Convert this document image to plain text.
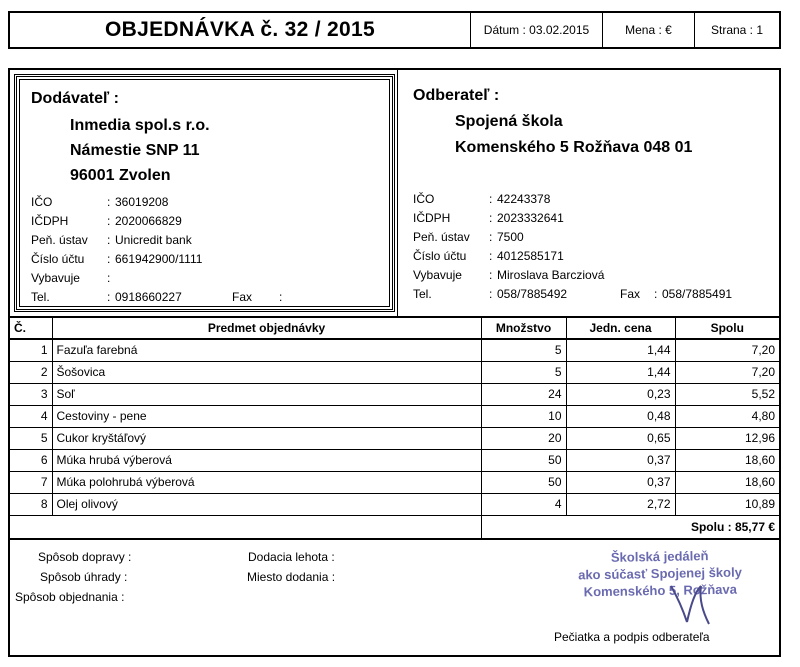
OBJEDNÁVKA č. 32 / 2015	Dátum : 03.02.2015	Mena : €	Strana : 1
Dodávateľ :
Inmedia spol.s r.o.
Námestie SNP 11
96001 Zvolen
IČO	: 36019208
IČDPH	: 2020066829
Peň. ústav	: Unicredit bank
Číslo účtu	: 661942900/1111
Vybavuje	:
Tel.	: 0918660227	Fax	:
Odberateľ :
Spojená škola
Komenského 5 Rožňava 048 01
IČO	: 42243378
IČDPH	: 2023332641
Peň. ústav	: 7500
Číslo účtu	: 4012585171
Vybavuje	: Miroslava Barcziová
Tel.	: 058/7885492	Fax	: 058/7885491
Č.	Predmet objednávky	Množstvo	Jedn. cena	Spolu
1	Fazuľa farebná	5	1,44	7,20
2	Šošovica	5	1,44	7,20
3	Soľ	24	0,23	5,52
4	Cestoviny - pene	10	0,48	4,80
5	Cukor kryštáľový	20	0,65	12,96
6	Múka hrubá výberová	50	0,37	18,60
7	Múka polohrubá výberová	50	0,37	18,60
8	Olej olivový	4	2,72	10,89
		Spolu : 85,77 €		
Spôsob dopravy :
Spôsob úhrady :
Spôsob objednania :
Dodacia lehota :
Miesto dodania :
Školská jedáleň
ako súčasť Spojenej školy
Komenského 5, Rožňava
Pečiatka a podpis odberateľa
